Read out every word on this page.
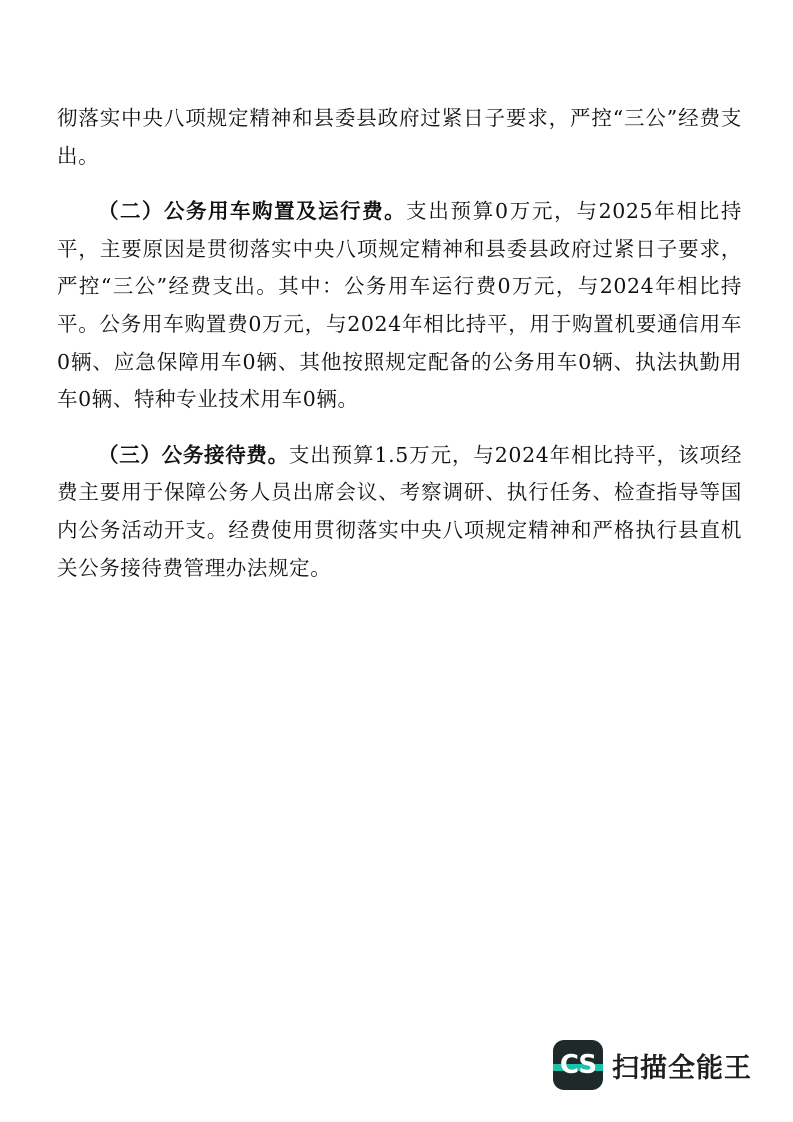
彻落实中央八项规定精神和县委县政府过紧日子要求，严控“三公”经费支出。

（二）公务用车购置及运行费。支出预算0万元，与2025年相比持平，主要原因是贯彻落实中央八项规定精神和县委县政府过紧日子要求，严控“三公”经费支出。其中：公务用车运行费0万元，与2024年相比持平。公务用车购置费0万元，与2024年相比持平，用于购置机要通信用车0辆、应急保障用车0辆、其他按照规定配备的公务用车0辆、执法执勤用车0辆、特种专业技术用车0辆。

（三）公务接待费。支出预算1.5万元，与2024年相比持平，该项经费主要用于保障公务人员出席会议、考察调研、执行任务、检查指导等国内公务活动开支。经费使用贯彻落实中央八项规定精神和严格执行县直机关公务接待费管理办法规定。

CS 扫描全能王
